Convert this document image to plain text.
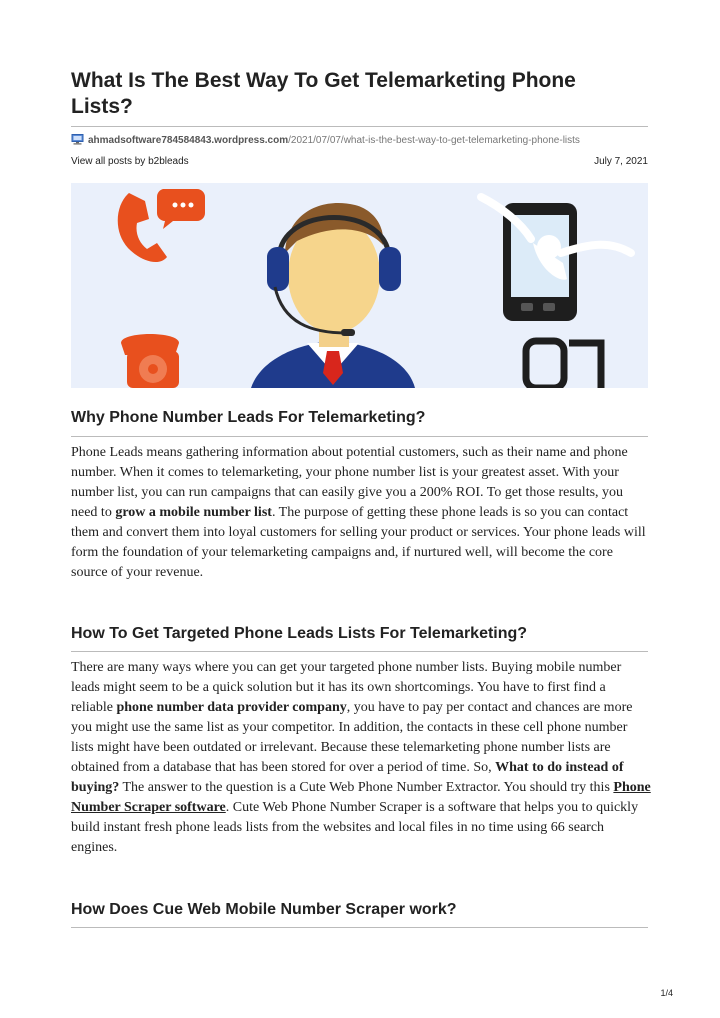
What Is The Best Way To Get Telemarketing Phone Lists?
ahmadsoftware784584843.wordpress.com/2021/07/07/what-is-the-best-way-to-get-telemarketing-phone-lists
View all posts by b2bleads	July 7, 2021
Why Phone Number Leads For Telemarketing?

Phone Leads means gathering information about potential customers, such as their name and phone number. When it comes to telemarketing, your phone number list is your greatest asset. With your number list, you can run campaigns that can easily give you a 200% ROI. To get those results, you need to grow a mobile number list. The purpose of getting these phone leads is so you can contact them and convert them into loyal customers for selling your product or services. Your phone leads will form the foundation of your telemarketing campaigns and, if nurtured well, will become the core source of your revenue.

How To Get Targeted Phone Leads Lists For Telemarketing?

There are many ways where you can get your targeted phone number lists. Buying mobile number leads might seem to be a quick solution but it has its own shortcomings. You have to first find a reliable phone number data provider company, you have to pay per contact and chances are more you might use the same list as your competitor. In addition, the contacts in these cell phone number lists might have been outdated or irrelevant. Because these telemarketing phone number lists are obtained from a database that has been stored for over a period of time. So, What to do instead of buying? The answer to the question is a Cute Web Phone Number Extractor. You should try this Phone Number Scraper software. Cute Web Phone Number Scraper is a software that helps you to quickly build instant fresh phone leads lists from the websites and local files in no time using 66 search engines.

How Does Cue Web Mobile Number Scraper work?
1/4
